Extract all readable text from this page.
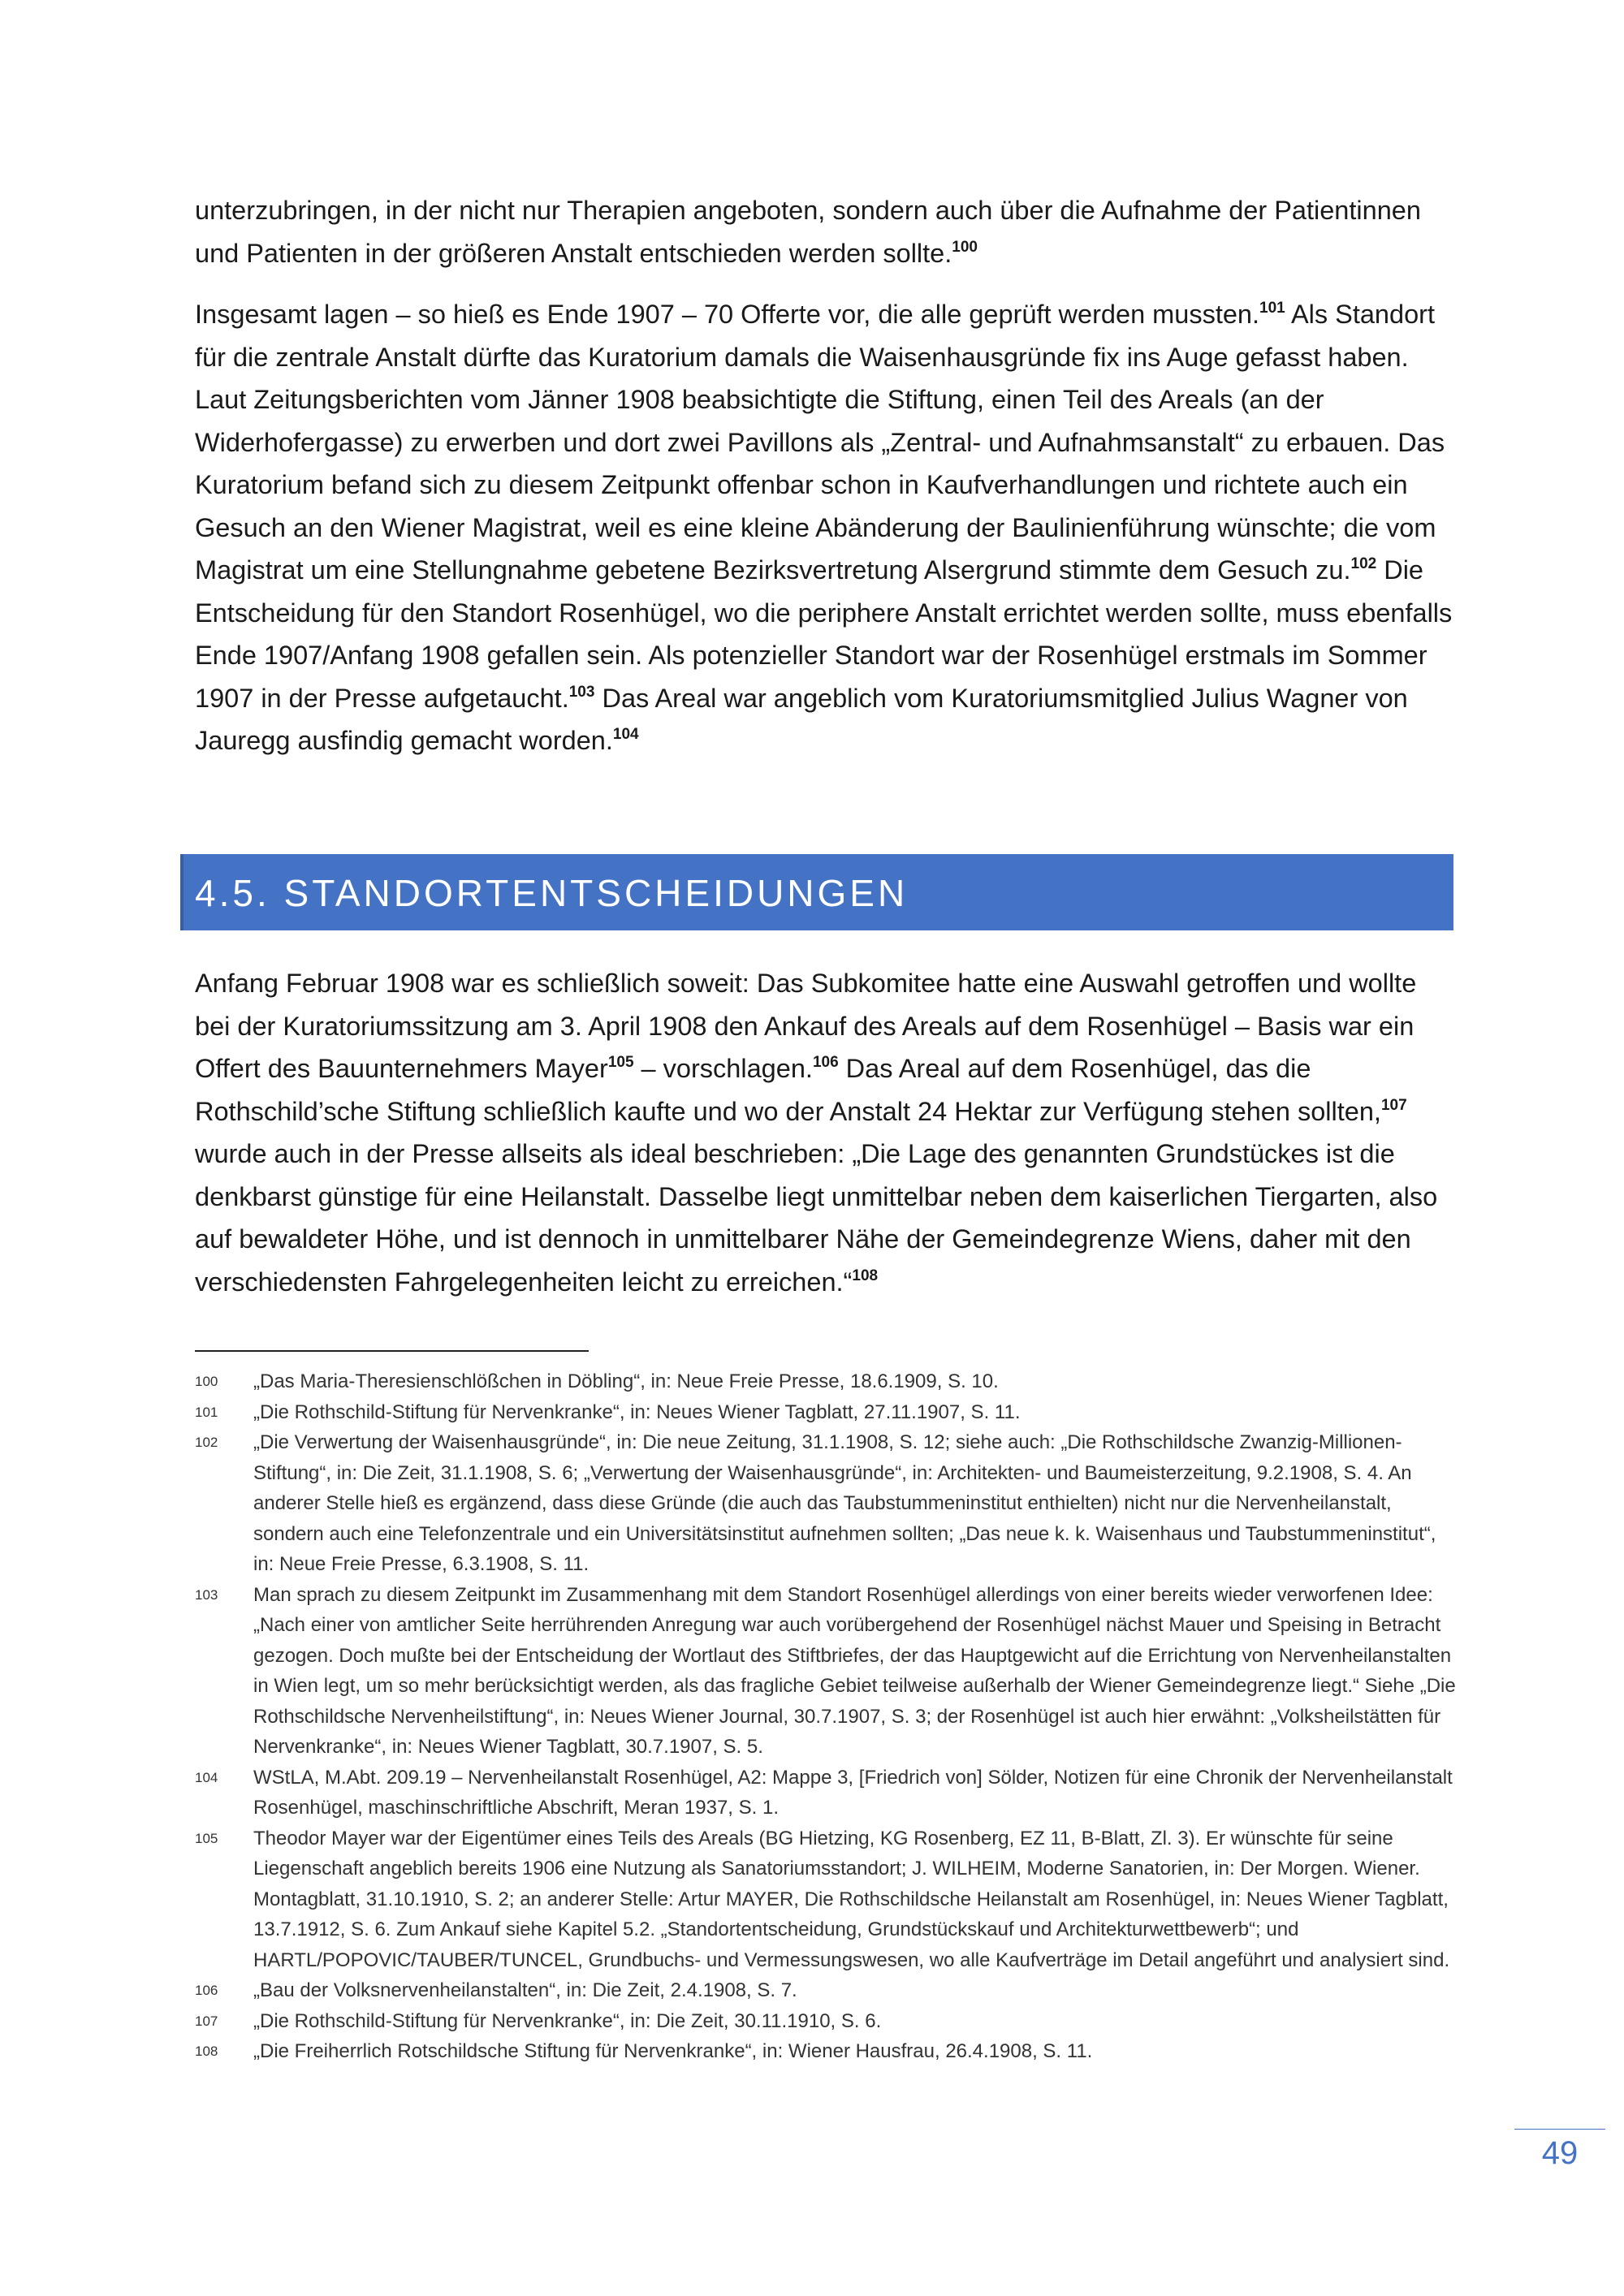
unterzubringen, in der nicht nur Therapien angeboten, sondern auch über die Aufnahme der Patientinnen und Patienten in der größeren Anstalt entschieden werden sollte.$^{100}$

Insgesamt lagen – so hieß es Ende 1907 – 70 Offerte vor, die alle geprüft werden mussten.$^{101}$ Als Standort für die zentrale Anstalt dürfte das Kuratorium damals die Waisenhausgründe fix ins Auge gefasst haben. Laut Zeitungsberichten vom Jänner 1908 beabsichtigte die Stiftung, einen Teil des Areals (an der Widerhofergasse) zu erwerben und dort zwei Pavillons als „Zentral- und Aufnahmsanstalt“ zu erbauen. Das Kuratorium befand sich zu diesem Zeitpunkt offenbar schon in Kaufverhandlungen und richtete auch ein Gesuch an den Wiener Magistrat, weil es eine kleine Abänderung der Baulinienführung wünschte; die vom Magistrat um eine Stellungnahme gebetene Bezirksvertretung Alsergrund stimmte dem Gesuch zu.$^{102}$ Die Entscheidung für den Standort Rosenhügel, wo die periphere Anstalt errichtet werden sollte, muss ebenfalls Ende 1907/Anfang 1908 gefallen sein. Als potenzieller Standort war der Rosenhügel erstmals im Sommer 1907 in der Presse aufgetaucht.$^{103}$ Das Areal war angeblich vom Kuratoriumsmitglied Julius Wagner von Jauregg ausfindig gemacht worden.$^{104}$

4.5. STANDORTENTSCHEIDUNGEN

Anfang Februar 1908 war es schließlich soweit: Das Subkomitee hatte eine Auswahl getroffen und wollte bei der Kuratoriumssitzung am 3. April 1908 den Ankauf des Areals auf dem Rosenhügel – Basis war ein Offert des Bauunternehmers Mayer$^{105}$ – vorschlagen.$^{106}$ Das Areal auf dem Rosenhügel, das die Rothschild’sche Stiftung schließlich kaufte und wo der Anstalt 24 Hektar zur Verfügung stehen sollten,$^{107}$ wurde auch in der Presse allseits als ideal beschrieben: „Die Lage des genannten Grundstückes ist die denkbarst günstige für eine Heilanstalt. Dasselbe liegt unmittelbar neben dem kaiserlichen Tiergarten, also auf bewaldeter Höhe, und ist dennoch in unmittelbarer Nähe der Gemeindegrenze Wiens, daher mit den verschiedensten Fahrgelegenheiten leicht zu erreichen.“$^{108}$

100	„Das Maria-Theresienschlößchen in Döbling“, in: Neue Freie Presse, 18.6.1909, S. 10.
101	„Die Rothschild-Stiftung für Nervenkranke“, in: Neues Wiener Tagblatt, 27.11.1907, S. 11.
102	„Die Verwertung der Waisenhausgründe“, in: Die neue Zeitung, 31.1.1908, S. 12; siehe auch: „Die Rothschildsche Zwanzig-Millionen-Stiftung“, in: Die Zeit, 31.1.1908, S. 6; „Verwertung der Waisenhausgründe“, in: Architekten- und Baumeisterzeitung, 9.2.1908, S. 4. An anderer Stelle hieß es ergänzend, dass diese Gründe (die auch das Taubstummeninstitut enthielten) nicht nur die Nervenheilanstalt, sondern auch eine Telefonzentrale und ein Universitätsinstitut aufnehmen sollten; „Das neue k. k. Waisenhaus und Taubstummeninstitut“, in: Neue Freie Presse, 6.3.1908, S. 11.
103	Man sprach zu diesem Zeitpunkt im Zusammenhang mit dem Standort Rosenhügel allerdings von einer bereits wieder verworfenen Idee: „Nach einer von amtlicher Seite herrührenden Anregung war auch vorübergehend der Rosenhügel nächst Mauer und Speising in Betracht gezogen. Doch mußte bei der Entscheidung der Wortlaut des Stiftbriefes, der das Hauptgewicht auf die Errichtung von Nervenheilanstalten in Wien legt, um so mehr berücksichtigt werden, als das fragliche Gebiet teilweise außerhalb der Wiener Gemeindegrenze liegt.“ Siehe „Die Rothschildsche Nervenheilstiftung“, in: Neues Wiener Journal, 30.7.1907, S. 3; der Rosenhügel ist auch hier erwähnt: „Volksheilstätten für Nervenkranke“, in: Neues Wiener Tagblatt, 30.7.1907, S. 5.
104	WStLA, M.Abt. 209.19 – Nervenheilanstalt Rosenhügel, A2: Mappe 3, [Friedrich von] Sölder, Notizen für eine Chronik der Nervenheilanstalt Rosenhügel, maschinschriftliche Abschrift, Meran 1937, S. 1.
105	Theodor Mayer war der Eigentümer eines Teils des Areals (BG Hietzing, KG Rosenberg, EZ 11, B-Blatt, Zl. 3). Er wünschte für seine Liegenschaft angeblich bereits 1906 eine Nutzung als Sanatoriumsstandort; J. WILHEIM, Moderne Sanatorien, in: Der Morgen. Wiener. Montagblatt, 31.10.1910, S. 2; an anderer Stelle: Artur MAYER, Die Rothschildsche Heilanstalt am Rosenhügel, in: Neues Wiener Tagblatt, 13.7.1912, S. 6. Zum Ankauf siehe Kapitel 5.2. „Standortentscheidung, Grundstückskauf und Architekturwettbewerb“; und HARTL/POPOVIC/TAUBER/TUNCEL, Grundbuchs- und Vermessungswesen, wo alle Kaufverträge im Detail angeführt und analysiert sind.
106	„Bau der Volksnervenheilanstalten“, in: Die Zeit, 2.4.1908, S. 7.
107	„Die Rothschild-Stiftung für Nervenkranke“, in: Die Zeit, 30.11.1910, S. 6.
108	„Die Freiherrlich Rotschildsche Stiftung für Nervenkranke“, in: Wiener Hausfrau, 26.4.1908, S. 11.
49
